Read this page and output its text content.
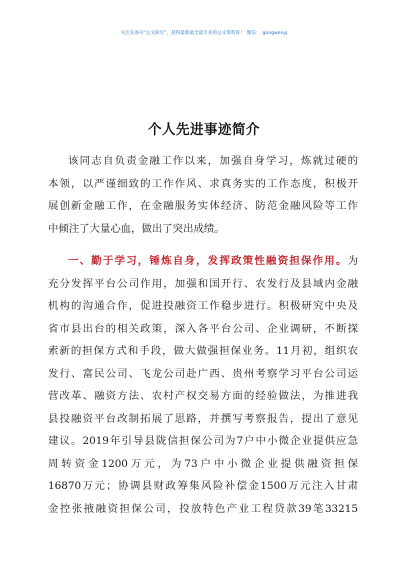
关注头条号“公文研究”，获得最新最全最专业的公文资料库！ 微信： gongwenyj
个人先进事迹简介
该同志自负责金融工作以来，加强自身学习，炼就过硬的
本领，以严谨细致的工作作风、求真务实的工作态度，积极开
展创新金融工作，在金融服务实体经济、防范金融风险等工作
中倾注了大量心血，做出了突出成绩。
一、勤于学习，锤炼自身，发挥政策性融资担保作用。为
充分发挥平台公司作用，加强和国开行、农发行及县域内金融
机构的沟通合作，促进投融资工作稳步进行。积极研究中央及
省市县出台的相关政策，深入各平台公司、企业调研，不断探
索新的担保方式和手段，做大做强担保业务。11月初，组织农
发行、富民公司、飞龙公司赴广西、贵州考察学习平台公司运
营改革、融资方法、农村产权交易方面的经验做法，为推进我
县投融资平台改制拓展了思路，并撰写考察报告，提出了意见
建议。2019年引导县陇信担保公司为7户中小微企业提供应急
周转资金1200万元，为73户中小微企业提供融资担保
16870万元；协调县财政筹集风险补偿金1500万元注入甘肃
金控张掖融资担保公司，投放特色产业工程贷款39笔33215
